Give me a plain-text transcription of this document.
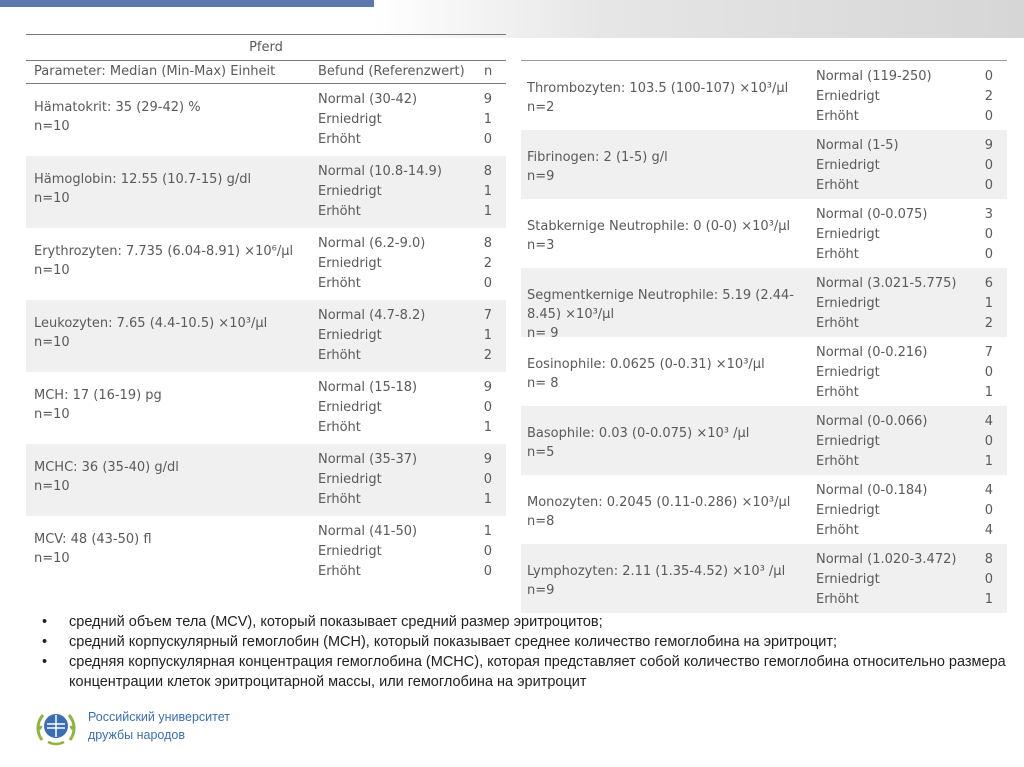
Pferd
Parameter: Median (Min-Max) Einheit	Befund (Referenzwert) n
Hämatokrit: 35 (29-42) %
n=10
Normal (30-42)
Erniedrigt
Erhöht
9
1
0
Hämoglobin: 12.55 (10.7-15) g/dl
n=10
Normal (10.8-14.9)
Erniedrigt
Erhöht
8
1
1
Erythrozyten: 7.735 (6.04-8.91) ×10⁶/µl
n=10
Normal (6.2-9.0)
Erniedrigt
Erhöht
8
2
0
Leukozyten: 7.65 (4.4-10.5) ×10³/µl
n=10
Normal (4.7-8.2)
Erniedrigt
Erhöht
7
1
2
MCH: 17 (16-19) pg
n=10
Normal (15-18)
Erniedrigt
Erhöht
9
0
1
MCHC: 36 (35-40) g/dl
n=10
Normal (35-37)
Erniedrigt
Erhöht
9
0
1
MCV: 48 (43-50) fl
n=10
Normal (41-50)
Erniedrigt
Erhöht
1
0
0
Thrombozyten: 103.5 (100-107) ×10³/µl
n=2
Normal (119-250)
Erniedrigt
Erhöht
0
2
0
Fibrinogen: 2 (1-5) g/l
n=9
Normal (1-5)
Erniedrigt
Erhöht
9
0
0
Stabkernige Neutrophile: 0 (0-0) ×10³/µl
n=3
Normal (0-0.075)
Erniedrigt
Erhöht
3
0
0
Segmentkernige Neutrophile: 5.19 (2.44-8.45) ×10³/µl
n= 9
Normal (3.021-5.775)
Erniedrigt
Erhöht
6
1
2
Eosinophile: 0.0625 (0-0.31) ×10³/µl
n= 8
Normal (0-0.216)
Erniedrigt
Erhöht
7
0
1
Basophile: 0.03 (0-0.075) ×10³ /µl
n=5
Normal (0-0.066)
Erniedrigt
Erhöht
4
0
1
Monozyten: 0.2045 (0.11-0.286) ×10³/µl
n=8
Normal (0-0.184)
Erniedrigt
Erhöht
4
0
4
Lymphozyten: 2.11 (1.35-4.52) ×10³ /µl
n=9
Normal (1.020-3.472)
Erniedrigt
Erhöht
8
0
1
• средний объем тела (MCV), который показывает средний размер эритроцитов;
• средний корпускулярный гемоглобин (MCH), который показывает среднее количество гемоглобина на эритроцит;
• средняя корпускулярная концентрация гемоглобина (MCHC), которая представляет собой количество гемоглобина относительно размера концентрации клеток эритроцитарной массы, или гемоглобина на эритроцит
Российский университет
дружбы народов
